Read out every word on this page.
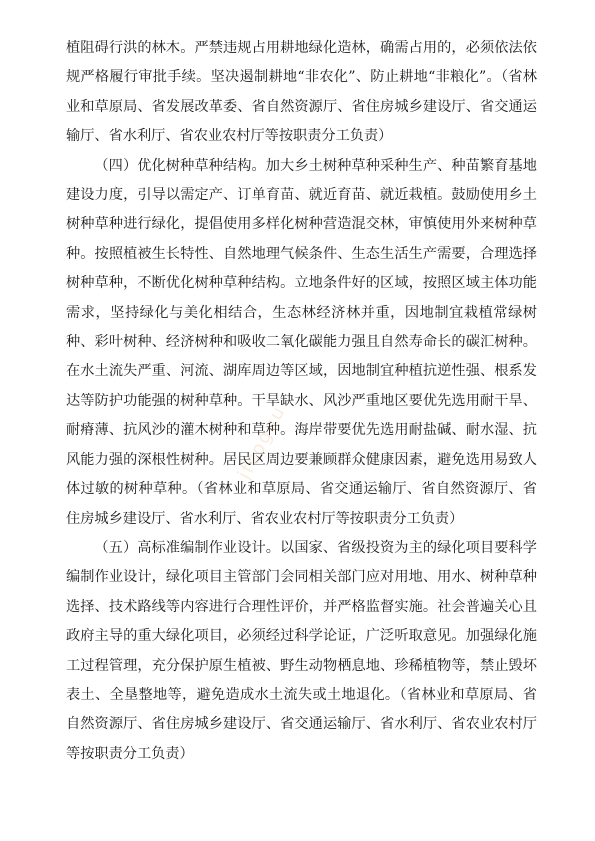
植阻碍行洪的林木。严禁违规占用耕地绿化造林，确需占用的，必须依法依规严格履行审批手续。坚决遏制耕地“非农化”、防止耕地“非粮化”。（省林业和草原局、省发展改革委、省自然资源厅、省住房城乡建设厅、省交通运输厅、省水利厅、省农业农村厅等按职责分工负责）

（四）优化树种草种结构。加大乡土树种草种采种生产、种苗繁育基地建设力度，引导以需定产、订单育苗、就近育苗、就近栽植。鼓励使用乡土树种草种进行绿化，提倡使用多样化树种营造混交林，审慎使用外来树种草种。按照植被生长特性、自然地理气候条件、生态生活生产需要，合理选择树种草种，不断优化树种草种结构。立地条件好的区域，按照区域主体功能需求，坚持绿化与美化相结合，生态林经济林并重，因地制宜栽植常绿树种、彩叶树种、经济树种和吸收二氧化碳能力强且自然寿命长的碳汇树种。在水土流失严重、河流、湖库周边等区域，因地制宜种植抗逆性强、根系发达等防护功能强的树种草种。干旱缺水、风沙严重地区要优先选用耐干旱、耐瘠薄、抗风沙的灌木树种和草种。海岸带要优先选用耐盐碱、耐水湿、抗风能力强的深根性树种。居民区周边要兼顾群众健康因素，避免选用易致人体过敏的树种草种。（省林业和草原局、省交通运输厅、省自然资源厅、省住房城乡建设厅、省水利厅、省农业农村厅等按职责分工负责）

（五）高标准编制作业设计。以国家、省级投资为主的绿化项目要科学编制作业设计，绿化项目主管部门会同相关部门应对用地、用水、树种草种选择、技术路线等内容进行合理性评价，并严格监督实施。社会普遍关心且政府主导的重大绿化项目，必须经过科学论证，广泛听取意见。加强绿化施工过程管理，充分保护原生植被、野生动物栖息地、珍稀植物等，禁止毁坏表土、全垦整地等，避免造成水土流失或土地退化。（省林业和草原局、省自然资源厅、省住房城乡建设厅、省交通运输厅、省水利厅、省农业农村厅等按职责分工负责）

jfcoguu
